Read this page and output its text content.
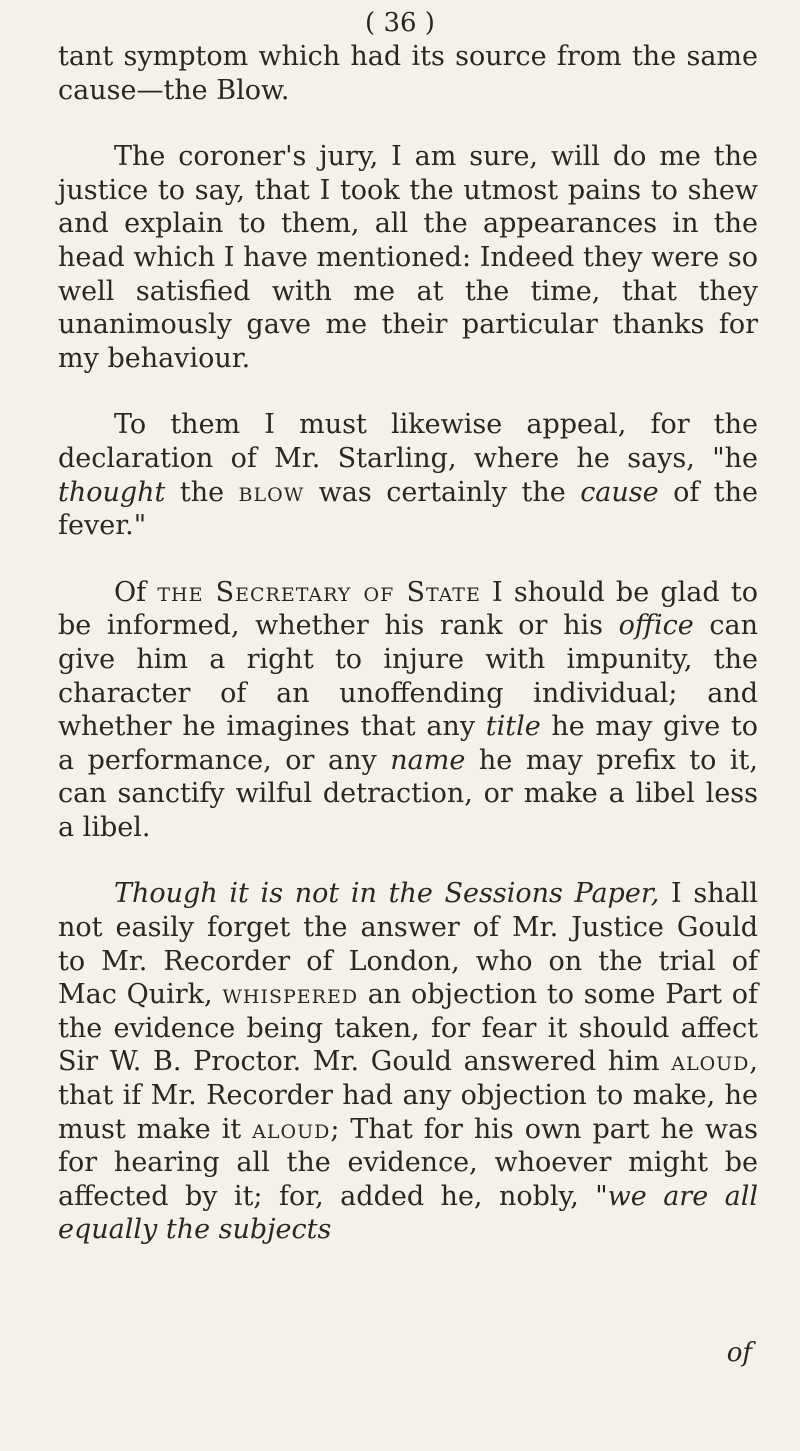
( 36 )

tant symptom which had its source from the same cause—the Blow.

The coroner's jury, I am sure, will do me the justice to say, that I took the utmost pains to shew and explain to them, all the appearances in the head which I have mentioned: Indeed they were so well satisfied with me at the time, that they unanimously gave me their particular thanks for my behaviour.

To them I must likewise appeal, for the declaration of Mr. Starling, where he says, "he thought the blow was certainly the cause of the fever."

Of the Secretary of State I should be glad to be informed, whether his rank or his office can give him a right to injure with impunity, the character of an unoffending individual; and whether he imagines that any title he may give to a performance, or any name he may prefix to it, can sanctify wilful detraction, or make a libel less a libel.

Though it is not in the Sessions Paper, I shall not easily forget the answer of Mr. Justice Gould to Mr. Recorder of London, who on the trial of Mac Quirk, whispered an objection to some Part of the evidence being taken, for fear it should affect Sir W. B. Proctor. Mr. Gould answered him aloud, that if Mr. Recorder had any objection to make, he must make it aloud; That for his own part he was for hearing all the evidence, whoever might be affected by it; for, added he, nobly, "we are all equally the subjects

of
